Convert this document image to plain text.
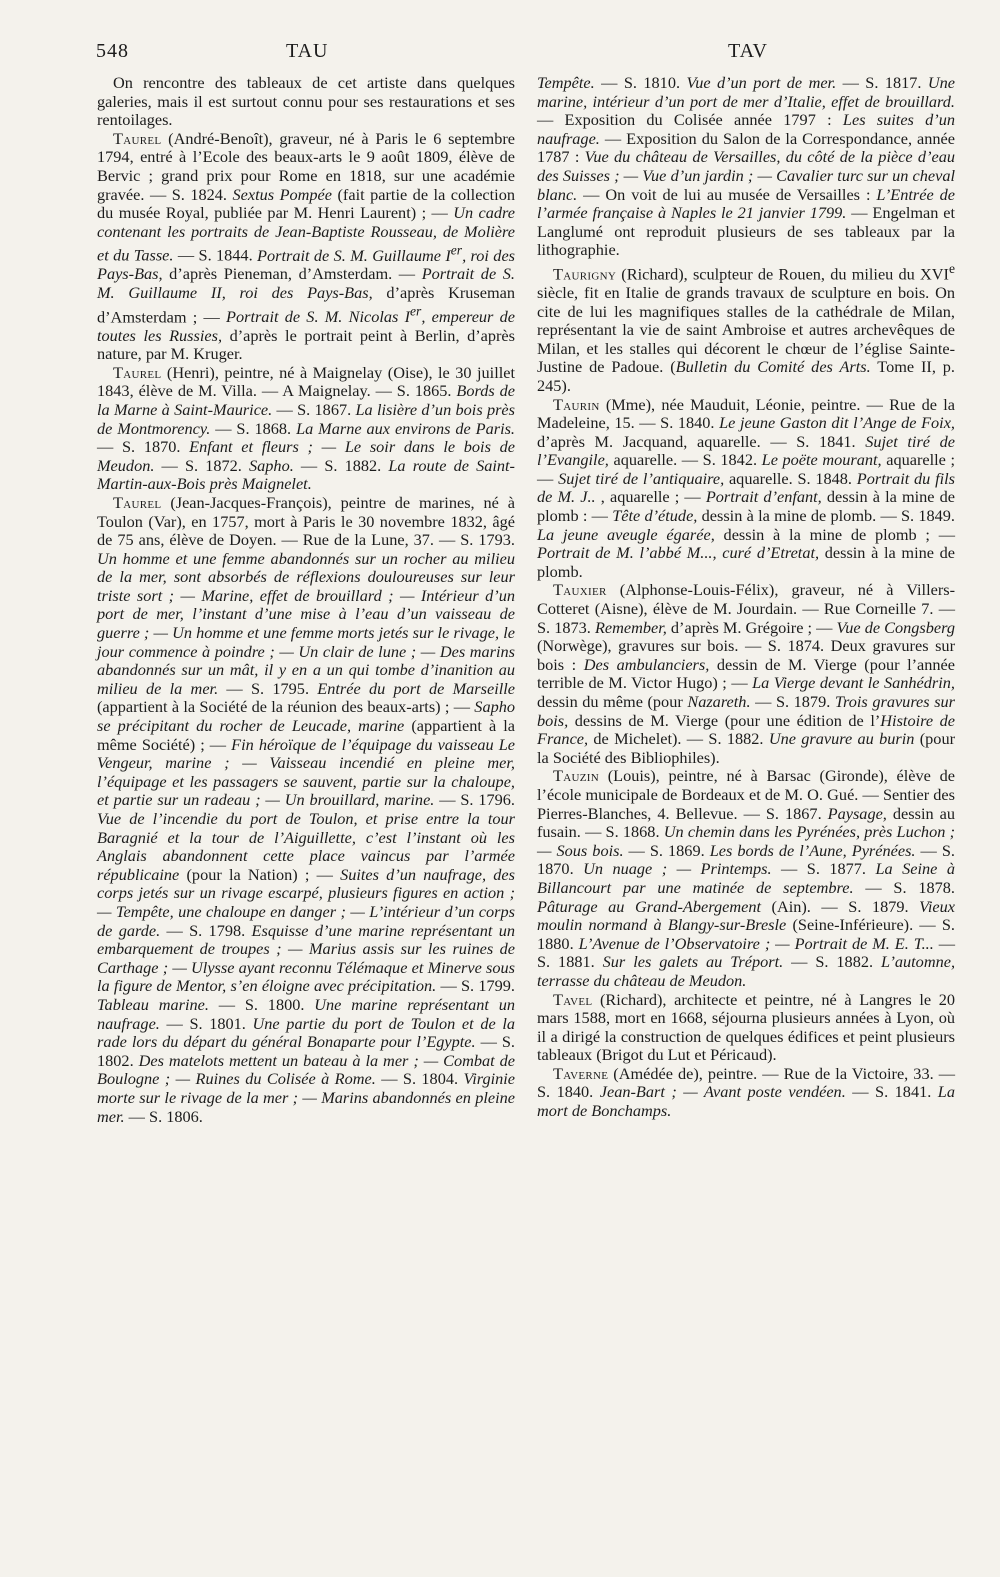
548	TAU	TAV

On rencontre des tableaux de cet artiste dans quelques galeries, mais il est surtout connu pour ses restaurations et ses rentoilages.

Taurel (André-Benoît), graveur, né à Paris le 6 septembre 1794, entré à l’Ecole des beaux-arts le 9 août 1809, élève de Bervic ; grand prix pour Rome en 1818, sur une académie gravée. — S. 1824. Sextus Pompée (fait partie de la collection du musée Royal, publiée par M. Henri Laurent) ; — Un cadre contenant les portraits de Jean-Baptiste Rousseau, de Molière et du Tasse. — S. 1844. Portrait de S. M. Guillaume Ier, roi des Pays-Bas, d’après Pieneman, d’Amsterdam. — Portrait de S. M. Guillaume II, roi des Pays-Bas, d’après Kruseman d’Amsterdam ; — Portrait de S. M. Nicolas Ier, empereur de toutes les Russies, d’après le portrait peint à Berlin, d’après nature, par M. Kruger.

Taurel (Henri), peintre, né à Maignelay (Oise), le 30 juillet 1843, élève de M. Villa. — A Maignelay. — S. 1865. Bords de la Marne à Saint-Maurice. — S. 1867. La lisière d’un bois près de Montmorency. — S. 1868. La Marne aux environs de Paris. — S. 1870. Enfant et fleurs ; — Le soir dans le bois de Meudon. — S. 1872. Sapho. — S. 1882. La route de Saint-Martin-aux-Bois près Maignelet.

Taurel (Jean-Jacques-François), peintre de marines, né à Toulon (Var), en 1757, mort à Paris le 30 novembre 1832, âgé de 75 ans, élève de Doyen. — Rue de la Lune, 37. — S. 1793. Un homme et une femme abandonnés sur un rocher au milieu de la mer, sont absorbés de réflexions douloureuses sur leur triste sort ; — Marine, effet de brouillard ; — Intérieur d’un port de mer, l’instant d’une mise à l’eau d’un vaisseau de guerre ; — Un homme et une femme morts jetés sur le rivage, le jour commence à poindre ; — Un clair de lune ; — Des marins abandonnés sur un mât, il y en a un qui tombe d’inanition au milieu de la mer. — S. 1795. Entrée du port de Marseille (appartient à la Société de la réunion des beaux-arts) ; — Sapho se précipitant du rocher de Leucade, marine (appartient à la même Société) ; — Fin héroïque de l’équipage du vaisseau Le Vengeur, marine ; — Vaisseau incendié en pleine mer, l’équipage et les passagers se sauvent, partie sur la chaloupe, et partie sur un radeau ; — Un brouillard, marine. — S. 1796. Vue de l’incendie du port de Toulon, et prise entre la tour Baragnié et la tour de l’Aiguillette, c’est l’instant où les Anglais abandonnent cette place vaincus par l’armée républicaine (pour la Nation) ; — Suites d’un naufrage, des corps jetés sur un rivage escarpé, plusieurs figures en action ; — Tempête, une chaloupe en danger ; — L’intérieur d’un corps de garde. — S. 1798. Esquisse d’une marine représentant un embarquement de troupes ; — Marius assis sur les ruines de Carthage ; — Ulysse ayant reconnu Télémaque et Minerve sous la figure de Mentor, s’en éloigne avec précipitation. — S. 1799. Tableau marine. — S. 1800. Une marine représentant un naufrage. — S. 1801. Une partie du port de Toulon et de la rade lors du départ du général Bonaparte pour l’Egypte. — S. 1802. Des matelots mettent un bateau à la mer ; — Combat de Boulogne ; — Ruines du Colisée à Rome. — S. 1804. Virginie morte sur le rivage de la mer ; — Marins abandonnés en pleine mer. — S. 1806.

Tempête. — S. 1810. Vue d’un port de mer. — S. 1817. Une marine, intérieur d’un port de mer d’Italie, effet de brouillard. — Exposition du Colisée année 1797 : Les suites d’un naufrage. — Exposition du Salon de la Correspondance, année 1787 : Vue du château de Versailles, du côté de la pièce d’eau des Suisses ; — Vue d’un jardin ; — Cavalier turc sur un cheval blanc. — On voit de lui au musée de Versailles : L’Entrée de l’armée française à Naples le 21 janvier 1799. — Engelman et Langlumé ont reproduit plusieurs de ses tableaux par la lithographie.

Taurigny (Richard), sculpteur de Rouen, du milieu du XVIe siècle, fit en Italie de grands travaux de sculpture en bois. On cite de lui les magnifiques stalles de la cathédrale de Milan, représentant la vie de saint Ambroise et autres archevêques de Milan, et les stalles qui décorent le chœur de l’église Sainte-Justine de Padoue. (Bulletin du Comité des Arts. Tome II, p. 245).

Taurin (Mme), née Mauduit, Léonie, peintre. — Rue de la Madeleine, 15. — S. 1840. Le jeune Gaston dit l’Ange de Foix, d’après M. Jacquand, aquarelle. — S. 1841. Sujet tiré de l’Evangile, aquarelle. — S. 1842. Le poëte mourant, aquarelle ; — Sujet tiré de l’antiquaire, aquarelle. S. 1848. Portrait du fils de M. J.. , aquarelle ; — Portrait d’enfant, dessin à la mine de plomb : — Tête d’étude, dessin à la mine de plomb. — S. 1849. La jeune aveugle égarée, dessin à la mine de plomb ; — Portrait de M. l’abbé M..., curé d’Etretat, dessin à la mine de plomb.

Tauxier (Alphonse-Louis-Félix), graveur, né à Villers-Cotteret (Aisne), élève de M. Jourdain. — Rue Corneille 7. — S. 1873. Remember, d’après M. Grégoire ; — Vue de Congsberg (Norwège), gravures sur bois. — S. 1874. Deux gravures sur bois : Des ambulanciers, dessin de M. Vierge (pour l’année terrible de M. Victor Hugo) ; — La Vierge devant le Sanhédrin, dessin du même (pour Nazareth. — S. 1879. Trois gravures sur bois, dessins de M. Vierge (pour une édition de l’Histoire de France, de Michelet). — S. 1882. Une gravure au burin (pour la Société des Bibliophiles).

Tauzin (Louis), peintre, né à Barsac (Gironde), élève de l’école municipale de Bordeaux et de M. O. Gué. — Sentier des Pierres-Blanches, 4. Bellevue. — S. 1867. Paysage, dessin au fusain. — S. 1868. Un chemin dans les Pyrénées, près Luchon ; — Sous bois. — S. 1869. Les bords de l’Aune, Pyrénées. — S. 1870. Un nuage ; — Printemps. — S. 1877. La Seine à Billancourt par une matinée de septembre. — S. 1878. Pâturage au Grand-Abergement (Ain). — S. 1879. Vieux moulin normand à Blangy-sur-Bresle (Seine-Inférieure). — S. 1880. L’Avenue de l’Observatoire ; — Portrait de M. E. T... — S. 1881. Sur les galets au Tréport. — S. 1882. L’automne, terrasse du château de Meudon.

Tavel (Richard), architecte et peintre, né à Langres le 20 mars 1588, mort en 1668, séjourna plusieurs années à Lyon, où il a dirigé la construction de quelques édifices et peint plusieurs tableaux (Brigot du Lut et Péricaud).

Taverne (Amédée de), peintre. — Rue de la Victoire, 33. — S. 1840. Jean-Bart ; — Avant poste vendéen. — S. 1841. La mort de Bonchamps.
